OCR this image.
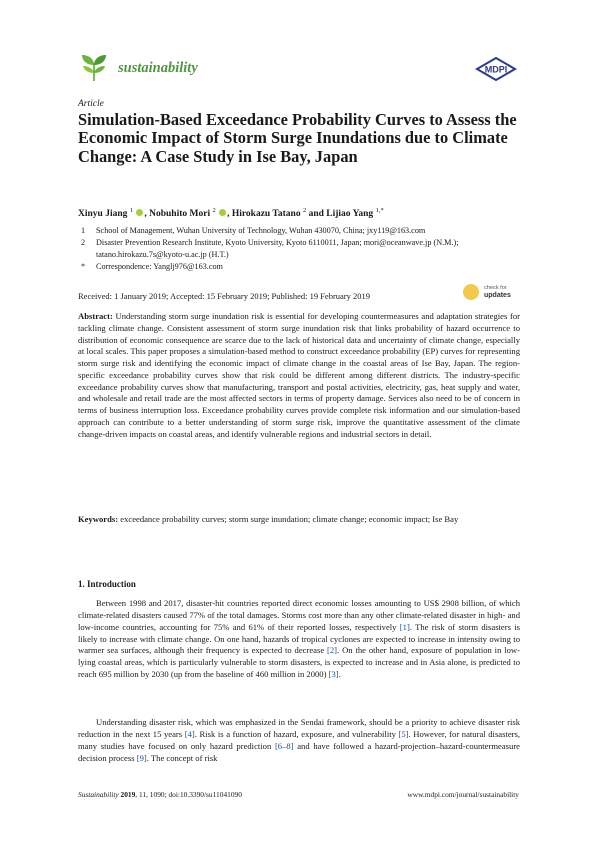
sustainability	MDPI
Article
Simulation-Based Exceedance Probability Curves to Assess the Economic Impact of Storm Surge Inundations due to Climate Change: A Case Study in Ise Bay, Japan
Xinyu Jiang $^1$ , Nobuhito Mori $^2$ , Hirokazu Tatano $^2$ and Lijiao Yang $^{1,*}$
1	School of Management, Wuhan University of Technology, Wuhan 430070, China; jxy119@163.com
2	Disaster Prevention Research Institute, Kyoto University, Kyoto 6110011, Japan; mori@oceanwave.jp (N.M.);
tatano.hirokazu.7s@kyoto-u.ac.jp (H.T.)
*	Correspondence: Yanglj976@163.com
Received: 1 January 2019; Accepted: 15 February 2019; Published: 19 February 2019
check for
updates

Abstract: Understanding storm surge inundation risk is essential for developing countermeasures and adaptation strategies for tackling climate change. Consistent assessment of storm surge inundation risk that links probability of hazard occurrence to distribution of economic consequence are scarce due to the lack of historical data and uncertainty of climate change, especially at local scales. This paper proposes a simulation-based method to construct exceedance probability (EP) curves for representing storm surge risk and identifying the economic impact of climate change in the coastal areas of Ise Bay, Japan. The region-specific exceedance probability curves show that risk could be different among different districts. The industry-specific exceedance probability curves show that manufacturing, transport and postal activities, electricity, gas, heat supply and water, and wholesale and retail trade are the most affected sectors in terms of property damage. Services also need to be of concern in terms of business interruption loss. Exceedance probability curves provide complete risk information and our simulation-based approach can contribute to a better understanding of storm surge risk, improve the quantitative assessment of the climate change-driven impacts on coastal areas, and identify vulnerable regions and industrial sectors in detail.

Keywords: exceedance probability curves; storm surge inundation; climate change; economic impact; Ise Bay

1. Introduction

Between 1998 and 2017, disaster-hit countries reported direct economic losses amounting to US$ 2908 billion, of which climate-related disasters caused 77% of the total damages. Storms cost more than any other climate-related disaster in high- and low-income countries, accounting for 75% and 61% of their reported losses, respectively [1]. The risk of storm disasters is likely to increase with climate change. On one hand, hazards of tropical cyclones are expected to increase in intensity owing to warmer sea surfaces, although their frequency is expected to decrease [2]. On the other hand, exposure of population in low-lying coastal areas, which is particularly vulnerable to storm disasters, is expected to increase and in Asia alone, is predicted to reach 695 million by 2030 (up from the baseline of 460 million in 2000) [3].

Understanding disaster risk, which was emphasized in the Sendai framework, should be a priority to achieve disaster risk reduction in the next 15 years [4]. Risk is a function of hazard, exposure, and vulnerability [5]. However, for natural disasters, many studies have focused on only hazard prediction [6–8] and have followed a hazard-projection–hazard-countermeasure decision process [9]. The concept of risk

Sustainability 2019, 11, 1090; doi:10.3390/su11041090	www.mdpi.com/journal/sustainability
